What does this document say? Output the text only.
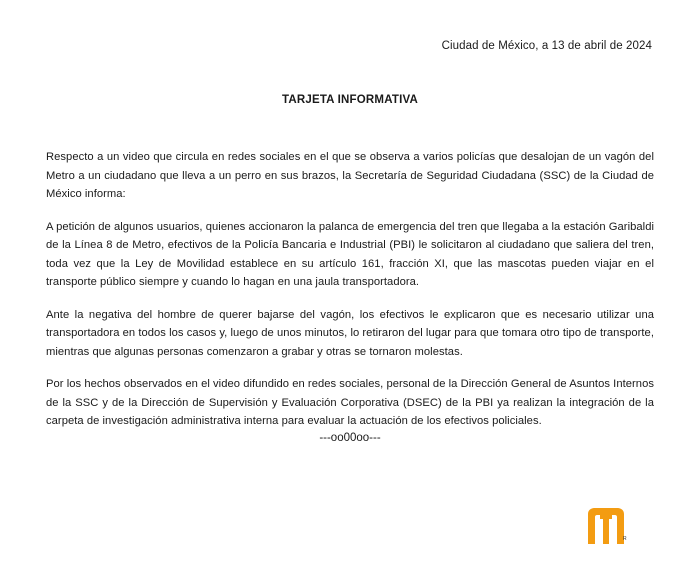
Ciudad de México, a 13 de abril de 2024
TARJETA INFORMATIVA

Respecto a un video que circula en redes sociales en el que se observa a varios policías que desalojan de un vagón del Metro a un ciudadano que lleva a un perro en sus brazos, la Secretaría de Seguridad Ciudadana (SSC) de la Ciudad de México informa:

A petición de algunos usuarios, quienes accionaron la palanca de emergencia del tren que llegaba a la estación Garibaldi de la Línea 8 de Metro, efectivos de la Policía Bancaria e Industrial (PBI) le solicitaron al ciudadano que saliera del tren, toda vez que la Ley de Movilidad establece en su artículo 161, fracción XI, que las mascotas pueden viajar en el transporte público siempre y cuando lo hagan en una jaula transportadora.

Ante la negativa del hombre de querer bajarse del vagón, los efectivos le explicaron que es necesario utilizar una transportadora en todos los casos y, luego de unos minutos, lo retiraron del lugar para que tomara otro tipo de transporte, mientras que algunas personas comenzaron a grabar y otras se tornaron molestas.

Por los hechos observados en el video difundido en redes sociales, personal de la Dirección General de Asuntos Internos de la SSC y de la Dirección de Supervisión y Evaluación Corporativa (DSEC) de la PBI ya realizan la integración de la carpeta de investigación administrativa interna para evaluar la actuación de los efectivos policiales.

---oo00oo---
R
